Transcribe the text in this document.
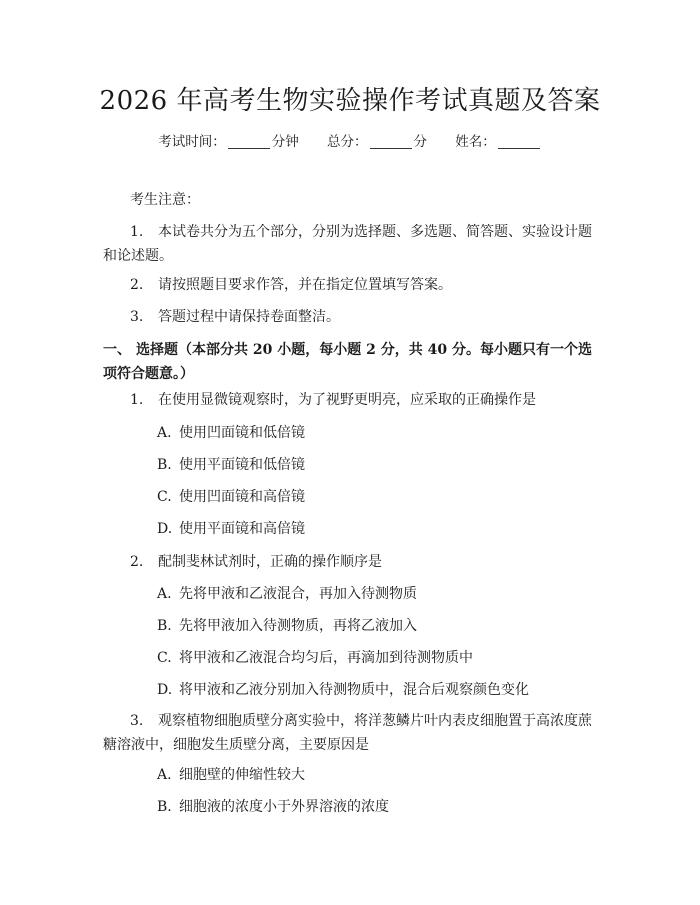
2026 年高考生物实验操作考试真题及答案
考试时间：	分钟 总分：	分 姓名：
考生注意：
1. 本试卷共分为五个部分，分别为选择题、多选题、简答题、实验设计题和论述题。
2. 请按照题目要求作答，并在指定位置填写答案。
3. 答题过程中请保持卷面整洁。
一、 选择题（本部分共 20 小题，每小题 2 分，共 40 分。每小题只有一个选项符合题意。）
1. 在使用显微镜观察时，为了视野更明亮，应采取的正确操作是
A. 使用凹面镜和低倍镜
B. 使用平面镜和低倍镜
C. 使用凹面镜和高倍镜
D. 使用平面镜和高倍镜
2. 配制斐林试剂时，正确的操作顺序是
A. 先将甲液和乙液混合，再加入待测物质
B. 先将甲液加入待测物质，再将乙液加入
C. 将甲液和乙液混合均匀后，再滴加到待测物质中
D. 将甲液和乙液分别加入待测物质中，混合后观察颜色变化
3. 观察植物细胞质壁分离实验中，将洋葱鳞片叶内表皮细胞置于高浓度蔗糖溶液中，细胞发生质壁分离，主要原因是
A. 细胞壁的伸缩性较大
B. 细胞液的浓度小于外界溶液的浓度
